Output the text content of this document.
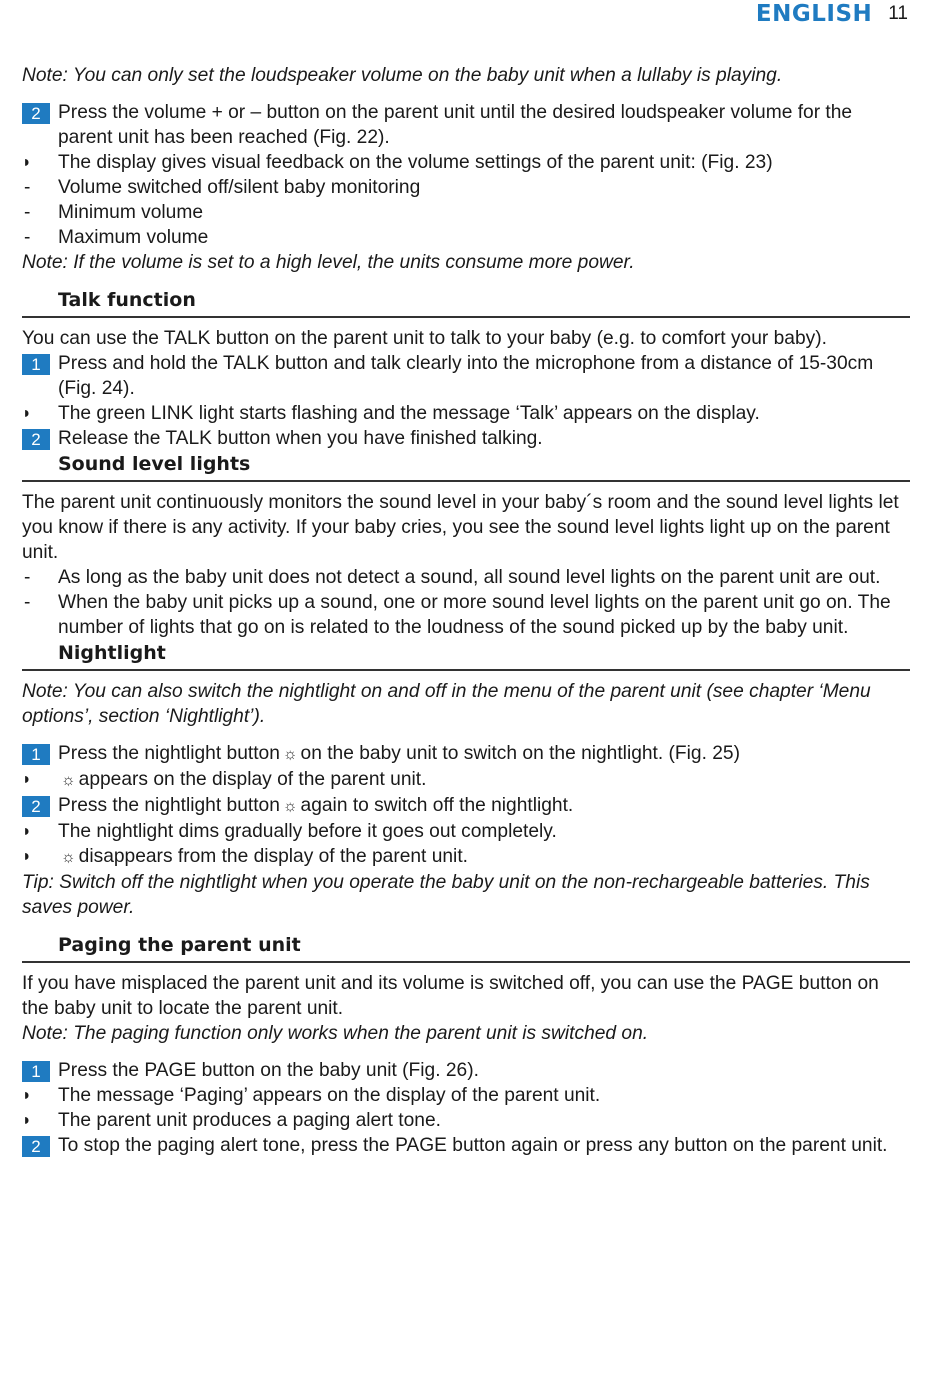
ENGLISH 11

Note: You can only set the loudspeaker volume on the baby unit when a lullaby is playing.

2 Press the volume + or – button on the parent unit until the desired loudspeaker volume for the parent unit has been reached (Fig. 22).

◗ The display gives visual feedback on the volume settings of the parent unit: (Fig. 23)

- Volume switched off/silent baby monitoring

- Minimum volume

- Maximum volume

Note: If the volume is set to a high level, the units consume more power.

Talk function

You can use the TALK button on the parent unit to talk to your baby (e.g. to comfort your baby).

1 Press and hold the TALK button and talk clearly into the microphone from a distance of 15-30cm (Fig. 24).

◗ The green LINK light starts flashing and the message ‘Talk’ appears on the display.

2 Release the TALK button when you have finished talking.

Sound level lights

The parent unit continuously monitors the sound level in your baby´s room and the sound level lights let you know if there is any activity. If your baby cries, you see the sound level lights light up on the parent unit.

- As long as the baby unit does not detect a sound, all sound level lights on the parent unit are out.

- When the baby unit picks up a sound, one or more sound level lights on the parent unit go on. The number of lights that go on is related to the loudness of the sound picked up by the baby unit.

Nightlight

Note: You can also switch the nightlight on and off in the menu of the parent unit (see chapter ‘Menu options’, section ‘Nightlight’).

1 Press the nightlight button ☼ on the baby unit to switch on the nightlight. (Fig. 25)

◗ ☼ appears on the display of the parent unit.

2 Press the nightlight button ☼ again to switch off the nightlight.

◗ The nightlight dims gradually before it goes out completely.

◗ ☼ disappears from the display of the parent unit.

Tip: Switch off the nightlight when you operate the baby unit on the non-rechargeable batteries. This saves power.

Paging the parent unit

If you have misplaced the parent unit and its volume is switched off, you can use the PAGE button on the baby unit to locate the parent unit.

Note: The paging function only works when the parent unit is switched on.

1 Press the PAGE button on the baby unit (Fig. 26).

◗ The message ‘Paging’ appears on the display of the parent unit.

◗ The parent unit produces a paging alert tone.

2 To stop the paging alert tone, press the PAGE button again or press any button on the parent unit.
